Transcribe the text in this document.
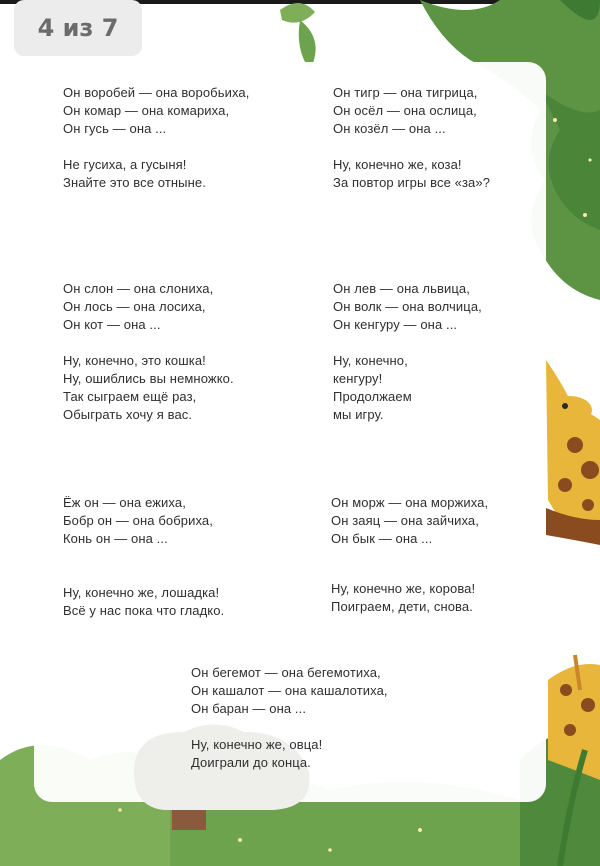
4 из 7
Он воробей — она воробьиха,
Он комар — она комариха,
Он гусь — она ...
Не гусиха, а гусыня!
Знайте это все отныне.
Он тигр — она тигрица,
Он осёл — она ослица,
Он козёл — она ...
Ну, конечно же, коза!
За повтор игры все «за»?
Он слон — она слониха,
Он лось — она лосиха,
Он кот — она ...
Ну, конечно, это кошка!
Ну, ошиблись вы немножко.
Так сыграем ещё раз,
Обыграть хочу я вас.
Он лев — она львица,
Он волк — она волчица,
Он кенгуру — она ...
Ну, конечно,
кенгуру!
Продолжаем
мы игру.
Ёж он — она ежиха,
Бобр он — она бобриха,
Конь он — она ...
Ну, конечно же, лошадка!
Всё у нас пока что гладко.
Он морж — она моржиха,
Он заяц — она зайчиха,
Он бык — она ...
Ну, конечно же, корова!
Поиграем, дети, снова.
Он бегемот — она бегемотиха,
Он кашалот — она кашалотиха,
Он баран — она ...
Ну, конечно же, овца!
Доиграли до конца.
